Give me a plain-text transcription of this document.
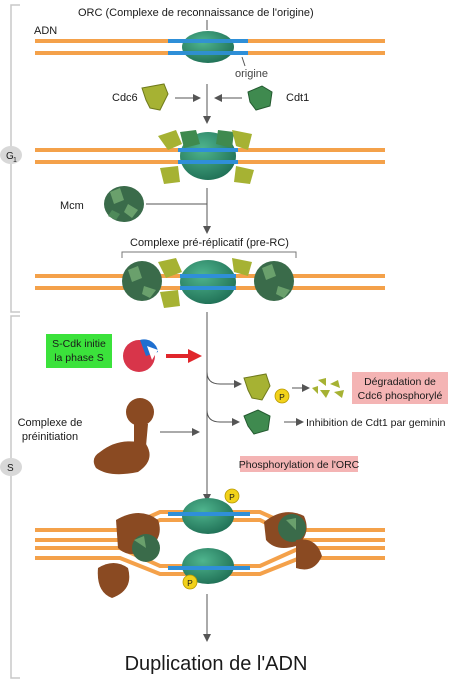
G 1
S
ORC (Complexe de reconnaissance de l'origine)
ADN
origine
Cdc6	Cdt1
Mcm
Complexe pré-réplicatif (pre-RC)
S-Cdk initie
la phase S
P
Dégradation de
Cdc6 phosphorylé
Inhibition de Cdt1 par geminin
Complexe de
préinitiation
Phosphorylation de l'ORC
P
P
Duplication de l'ADN
